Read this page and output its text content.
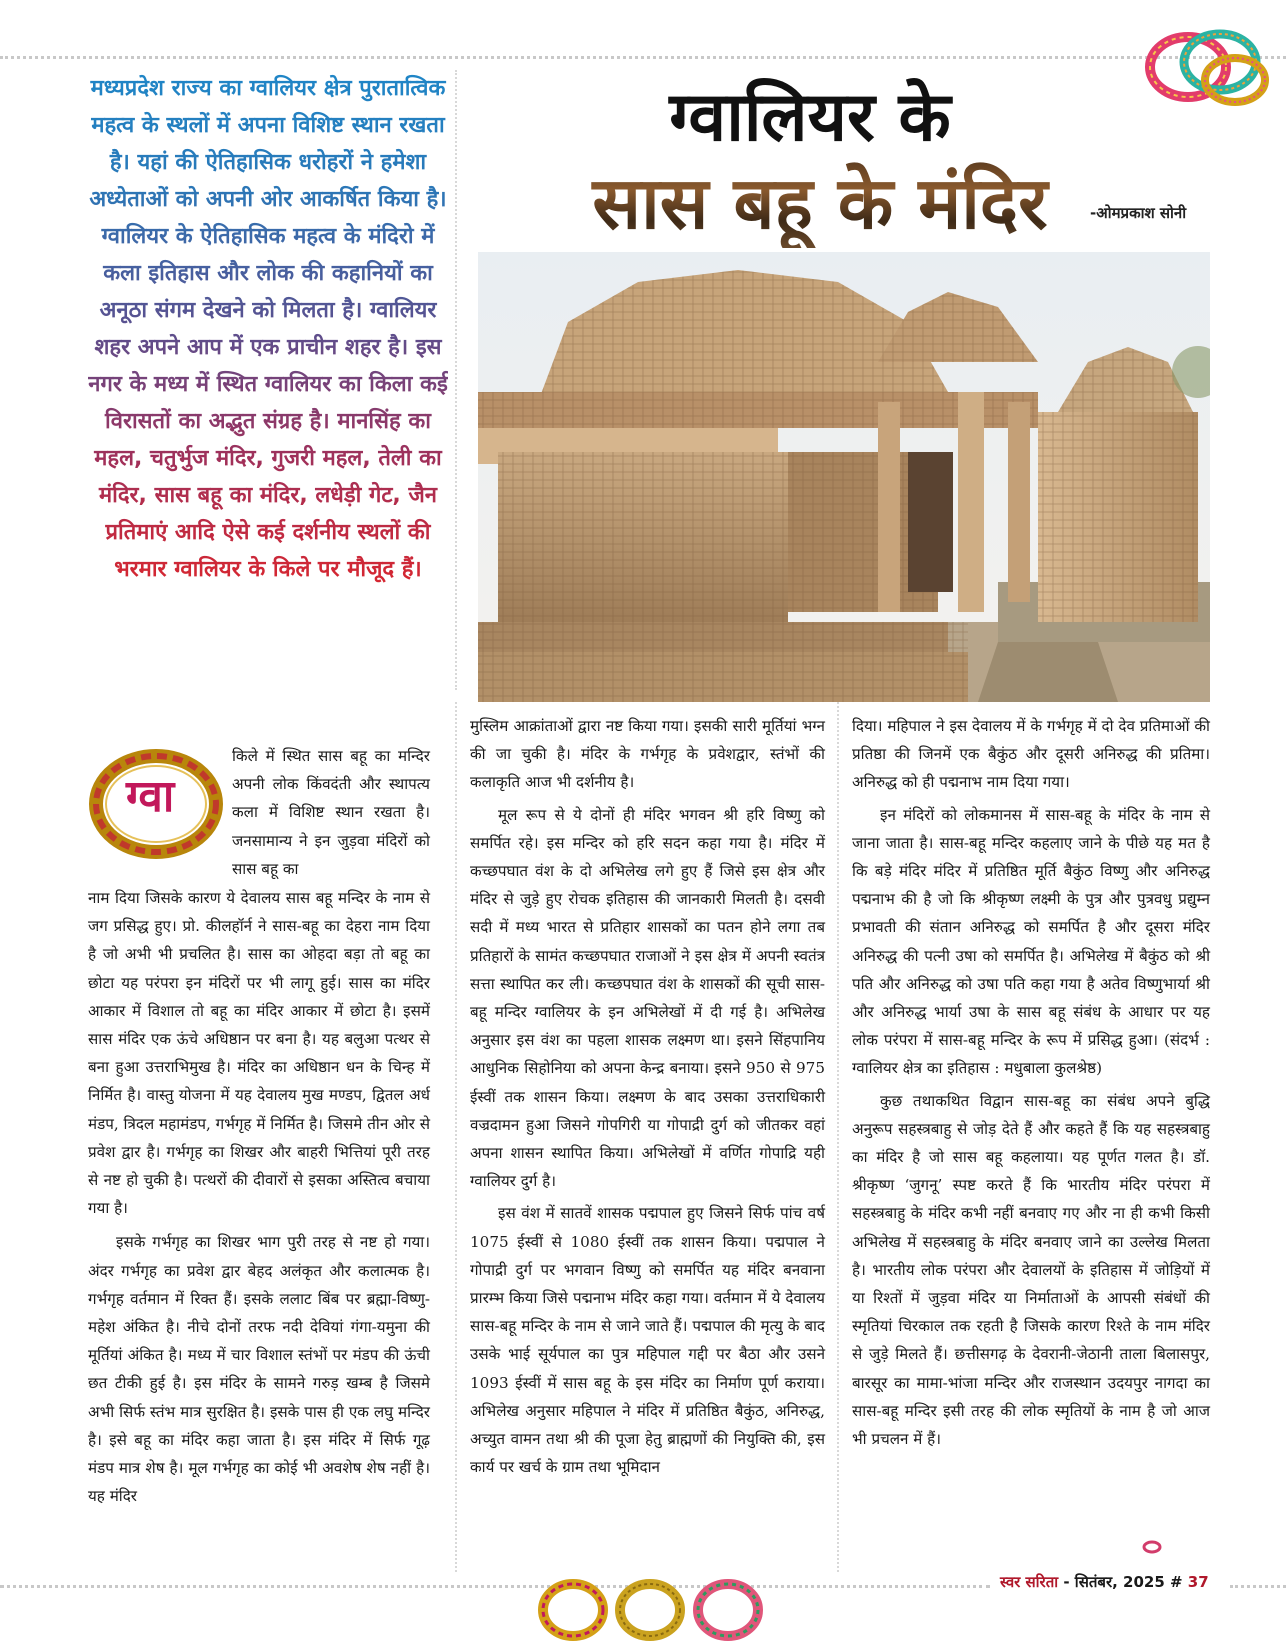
मध्यप्रदेश राज्य का ग्वालियर क्षेत्र पुरातात्विक महत्व के स्थलों में अपना विशिष्ट स्थान रखता है। यहां की ऐतिहासिक धरोहरों ने हमेशा अध्येताओं को अपनी ओर आकर्षित किया है। ग्वालियर के ऐतिहासिक महत्व के मंदिरो में कला इतिहास और लोक की कहानियों का अनूठा संगम देखने को मिलता है। ग्वालियर शहर अपने आप में एक प्राचीन शहर है। इस नगर के मध्य में स्थित ग्वालियर का किला कई विरासतों का अद्भुत संग्रह है। मानसिंह का महल, चतुर्भुज मंदिर, गुजरी महल, तेली का मंदिर, सास बहू का मंदिर, लधेड़ी गेट, जैन प्रतिमाएं आदि ऐसे कई दर्शनीय स्थलों की भरमार ग्वालियर के किले पर मौजूद हैं।
ग्वालियर के
सास बहू के मंदिर	-ओमप्रकाश सोनी
ग्वा

किले में स्थित सास बहू का मन्दिर अपनी लोक किंवदंती और स्थापत्य कला में विशिष्ट स्थान रखता है। जनसामान्य ने इन जुड़वा मंदिरों को सास बहू का

नाम दिया जिसके कारण ये देवालय सास बहू मन्दिर के नाम से जग प्रसिद्ध हुए। प्रो. कीलहॉर्न ने सास-बहू का देहरा नाम दिया है जो अभी भी प्रचलित है। सास का ओहदा बड़ा तो बहू का छोटा यह परंपरा इन मंदिरों पर भी लागू हुई। सास का मंदिर आकार में विशाल तो बहू का मंदिर आकार में छोटा है। इसमें सास मंदिर एक ऊंचे अधिष्ठान पर बना है। यह बलुआ पत्थर से बना हुआ उत्तराभिमुख है। मंदिर का अधिष्ठान धन के चिन्ह में निर्मित है। वास्तु योजना में यह देवालय मुख मण्डप, द्वितल अर्ध मंडप, त्रिदल महामंडप, गर्भगृह में निर्मित है। जिसमे तीन ओर से प्रवेश द्वार है। गर्भगृह का शिखर और बाहरी भित्तियां पूरी तरह से नष्ट हो चुकी है। पत्थरों की दीवारों से इसका अस्तित्व बचाया गया है।

इसके गर्भगृह का शिखर भाग पुरी तरह से नष्ट हो गया। अंदर गर्भगृह का प्रवेश द्वार बेहद अलंकृत और कलात्मक है। गर्भगृह वर्तमान में रिक्त हैं। इसके ललाट बिंब पर ब्रह्मा-विष्णु-महेश अंकित है। नीचे दोनों तरफ नदी देवियां गंगा-यमुना की मूर्तियां अंकित है। मध्य में चार विशाल स्तंभों पर मंडप की ऊंची छत टीकी हुई है। इस मंदिर के सामने गरुड़ खम्ब है जिसमे अभी सिर्फ स्तंभ मात्र सुरक्षित है। इसके पास ही एक लघु मन्दिर है। इसे बहू का मंदिर कहा जाता है। इस मंदिर में सिर्फ गूढ़ मंडप मात्र शेष है। मूल गर्भगृह का कोई भी अवशेष शेष नहीं है। यह मंदिर

मुस्लिम आक्रांताओं द्वारा नष्ट किया गया। इसकी सारी मूर्तियां भग्न की जा चुकी है। मंदिर के गर्भगृह के प्रवेशद्वार, स्तंभों की कलाकृति आज भी दर्शनीय है।

मूल रूप से ये दोनों ही मंदिर भगवन श्री हरि विष्णु को समर्पित रहे। इस मन्दिर को हरि सदन कहा गया है। मंदिर में कच्छपघात वंश के दो अभिलेख लगे हुए हैं जिसे इस क्षेत्र और मंदिर से जुड़े हुए रोचक इतिहास की जानकारी मिलती है। दसवी सदी में मध्य भारत से प्रतिहार शासकों का पतन होने लगा तब प्रतिहारों के सामंत कच्छपघात राजाओं ने इस क्षेत्र में अपनी स्वतंत्र सत्ता स्थापित कर ली। कच्छपघात वंश के शासकों की सूची सास-बहू मन्दिर ग्वालियर के इन अभिलेखों में दी गई है। अभिलेख अनुसार इस वंश का पहला शासक लक्ष्मण था। इसने सिंहपानिय आधुनिक सिहोनिया को अपना केन्द्र बनाया। इसने 950 से 975 ईस्वीं तक शासन किया। लक्ष्मण के बाद उसका उत्तराधिकारी वज्रदामन हुआ जिसने गोपगिरी या गोपाद्री दुर्ग को जीतकर वहां अपना शासन स्थापित किया। अभिलेखों में वर्णित गोपाद्रि यही ग्वालियर दुर्ग है।

इस वंश में सातवें शासक पद्मपाल हुए जिसने सिर्फ पांच वर्ष 1075 ईस्वीं से 1080 ईस्वीं तक शासन किया। पद्मपाल ने गोपाद्री दुर्ग पर भगवान विष्णु को समर्पित यह मंदिर बनवाना प्रारम्भ किया जिसे पद्मनाभ मंदिर कहा गया। वर्तमान में ये देवालय सास-बहू मन्दिर के नाम से जाने जाते हैं। पद्मपाल की मृत्यु के बाद उसके भाई सूर्यपाल का पुत्र महिपाल गद्दी पर बैठा और उसने 1093 ईस्वीं में सास बहू के इस मंदिर का निर्माण पूर्ण कराया। अभिलेख अनुसार महिपाल ने मंदिर में प्रतिष्ठित बैकुंठ, अनिरुद्ध, अच्युत वामन तथा श्री की पूजा हेतु ब्राह्मणों की नियुक्ति की, इस कार्य पर खर्च के ग्राम तथा भूमिदान

दिया। महिपाल ने इस देवालय में के गर्भगृह में दो देव प्रतिमाओं की प्रतिष्ठा की जिनमें एक बैकुंठ और दूसरी अनिरुद्ध की प्रतिमा। अनिरुद्ध को ही पद्मनाभ नाम दिया गया।

इन मंदिरों को लोकमानस में सास-बहू के मंदिर के नाम से जाना जाता है। सास-बहू मन्दिर कहलाए जाने के पीछे यह मत है कि बड़े मंदिर मंदिर में प्रतिष्ठित मूर्ति बैकुंठ विष्णु और अनिरुद्ध पद्मनाभ की है जो कि श्रीकृष्ण लक्ष्मी के पुत्र और पुत्रवधु प्रद्युम्न प्रभावती की संतान अनिरुद्ध को समर्पित है और दूसरा मंदिर अनिरुद्ध की पत्नी उषा को समर्पित है। अभिलेख में बैकुंठ को श्री पति और अनिरुद्ध को उषा पति कहा गया है अतेव विष्णुभार्या श्री और अनिरुद्ध भार्या उषा के सास बहू संबंध के आधार पर यह लोक परंपरा में सास-बहू मन्दिर के रूप में प्रसिद्ध हुआ। (संदर्भ : ग्वालियर क्षेत्र का इतिहास : मधुबाला कुलश्रेष्ठ)

कुछ तथाकथित विद्वान सास-बहू का संबंध अपने बुद्धि अनुरूप सहस्त्रबाहु से जोड़ देते हैं और कहते हैं कि यह सहस्त्रबाहु का मंदिर है जो सास बहू कहलाया। यह पूर्णत गलत है। डॉ. श्रीकृष्ण ‘जुगनू’ स्पष्ट करते हैं कि भारतीय मंदिर परंपरा में सहस्त्रबाहु के मंदिर कभी नहीं बनवाए गए और ना ही कभी किसी अभिलेख में सहस्त्रबाहु के मंदिर बनवाए जाने का उल्लेख मिलता है। भारतीय लोक परंपरा और देवालयों के इतिहास में जोड़ियों में या रिश्तों में जुड़वा मंदिर या निर्माताओं के आपसी संबंधों की स्मृतियां चिरकाल तक रहती है जिसके कारण रिश्ते के नाम मंदिर से जुड़े मिलते हैं। छत्तीसगढ़ के देवरानी-जेठानी ताला बिलासपुर, बारसूर का मामा-भांजा मन्दिर और राजस्थान उदयपुर नागदा का सास-बहू मन्दिर इसी तरह की लोक स्मृतियों के नाम है जो आज भी प्रचलन में हैं।

स्वर सरिता - सितंबर, 2025 # 37
